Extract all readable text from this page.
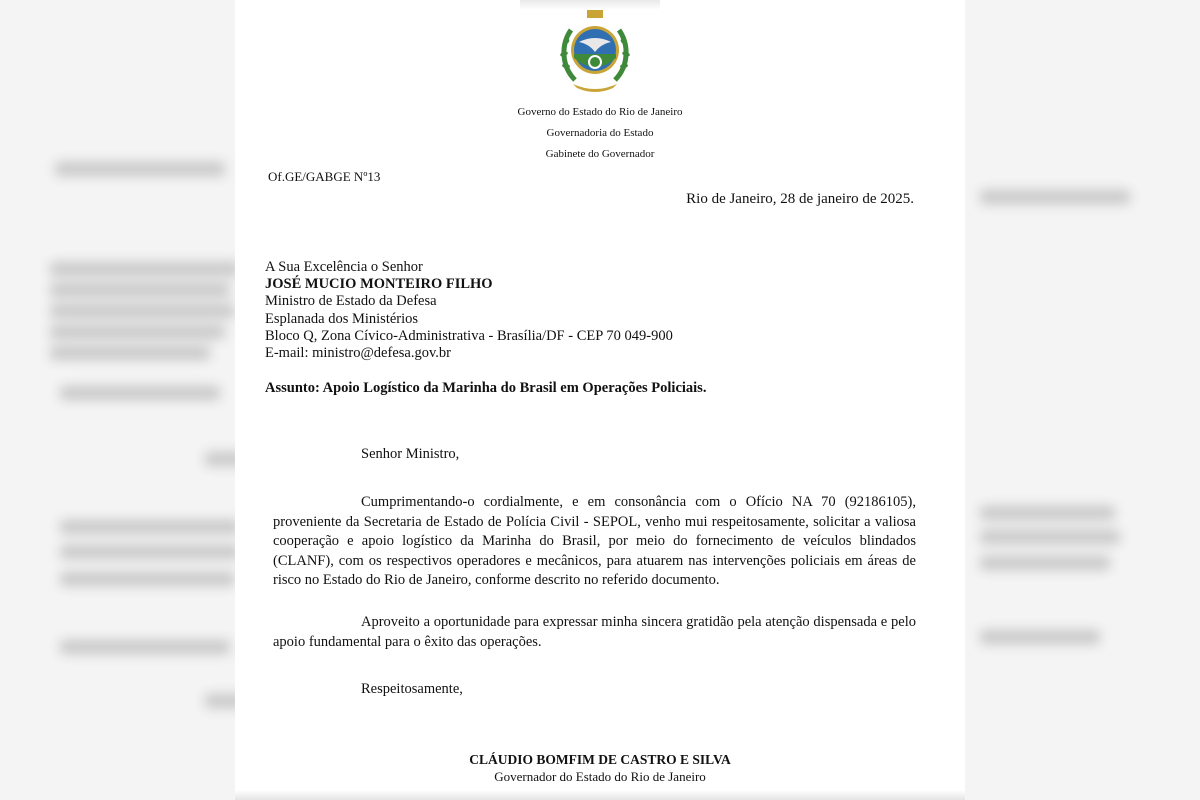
Governo do Estado do Rio de Janeiro
Governadoria do Estado
Gabinete do Governador
Of.GE/GABGE Nº13
Rio de Janeiro, 28 de janeiro de 2025.
A Sua Excelência o Senhor
JOSÉ MUCIO MONTEIRO FILHO
Ministro de Estado da Defesa
Esplanada dos Ministérios
Bloco Q, Zona Cívico-Administrativa - Brasília/DF - CEP 70 049-900
E-mail: ministro@defesa.gov.br
Assunto: Apoio Logístico da Marinha do Brasil em Operações Policiais.
Senhor Ministro,
Cumprimentando-o cordialmente, e em consonância com o Ofício NA 70 (92186105), proveniente da Secretaria de Estado de Polícia Civil - SEPOL, venho mui respeitosamente, solicitar a valiosa cooperação e apoio logístico da Marinha do Brasil, por meio do fornecimento de veículos blindados (CLANF), com os respectivos operadores e mecânicos, para atuarem nas intervenções policiais em áreas de risco no Estado do Rio de Janeiro, conforme descrito no referido documento.
Aproveito a oportunidade para expressar minha sincera gratidão pela atenção dispensada e pelo apoio fundamental para o êxito das operações.
Respeitosamente,
CLÁUDIO BOMFIM DE CASTRO E SILVA
Governador do Estado do Rio de Janeiro
